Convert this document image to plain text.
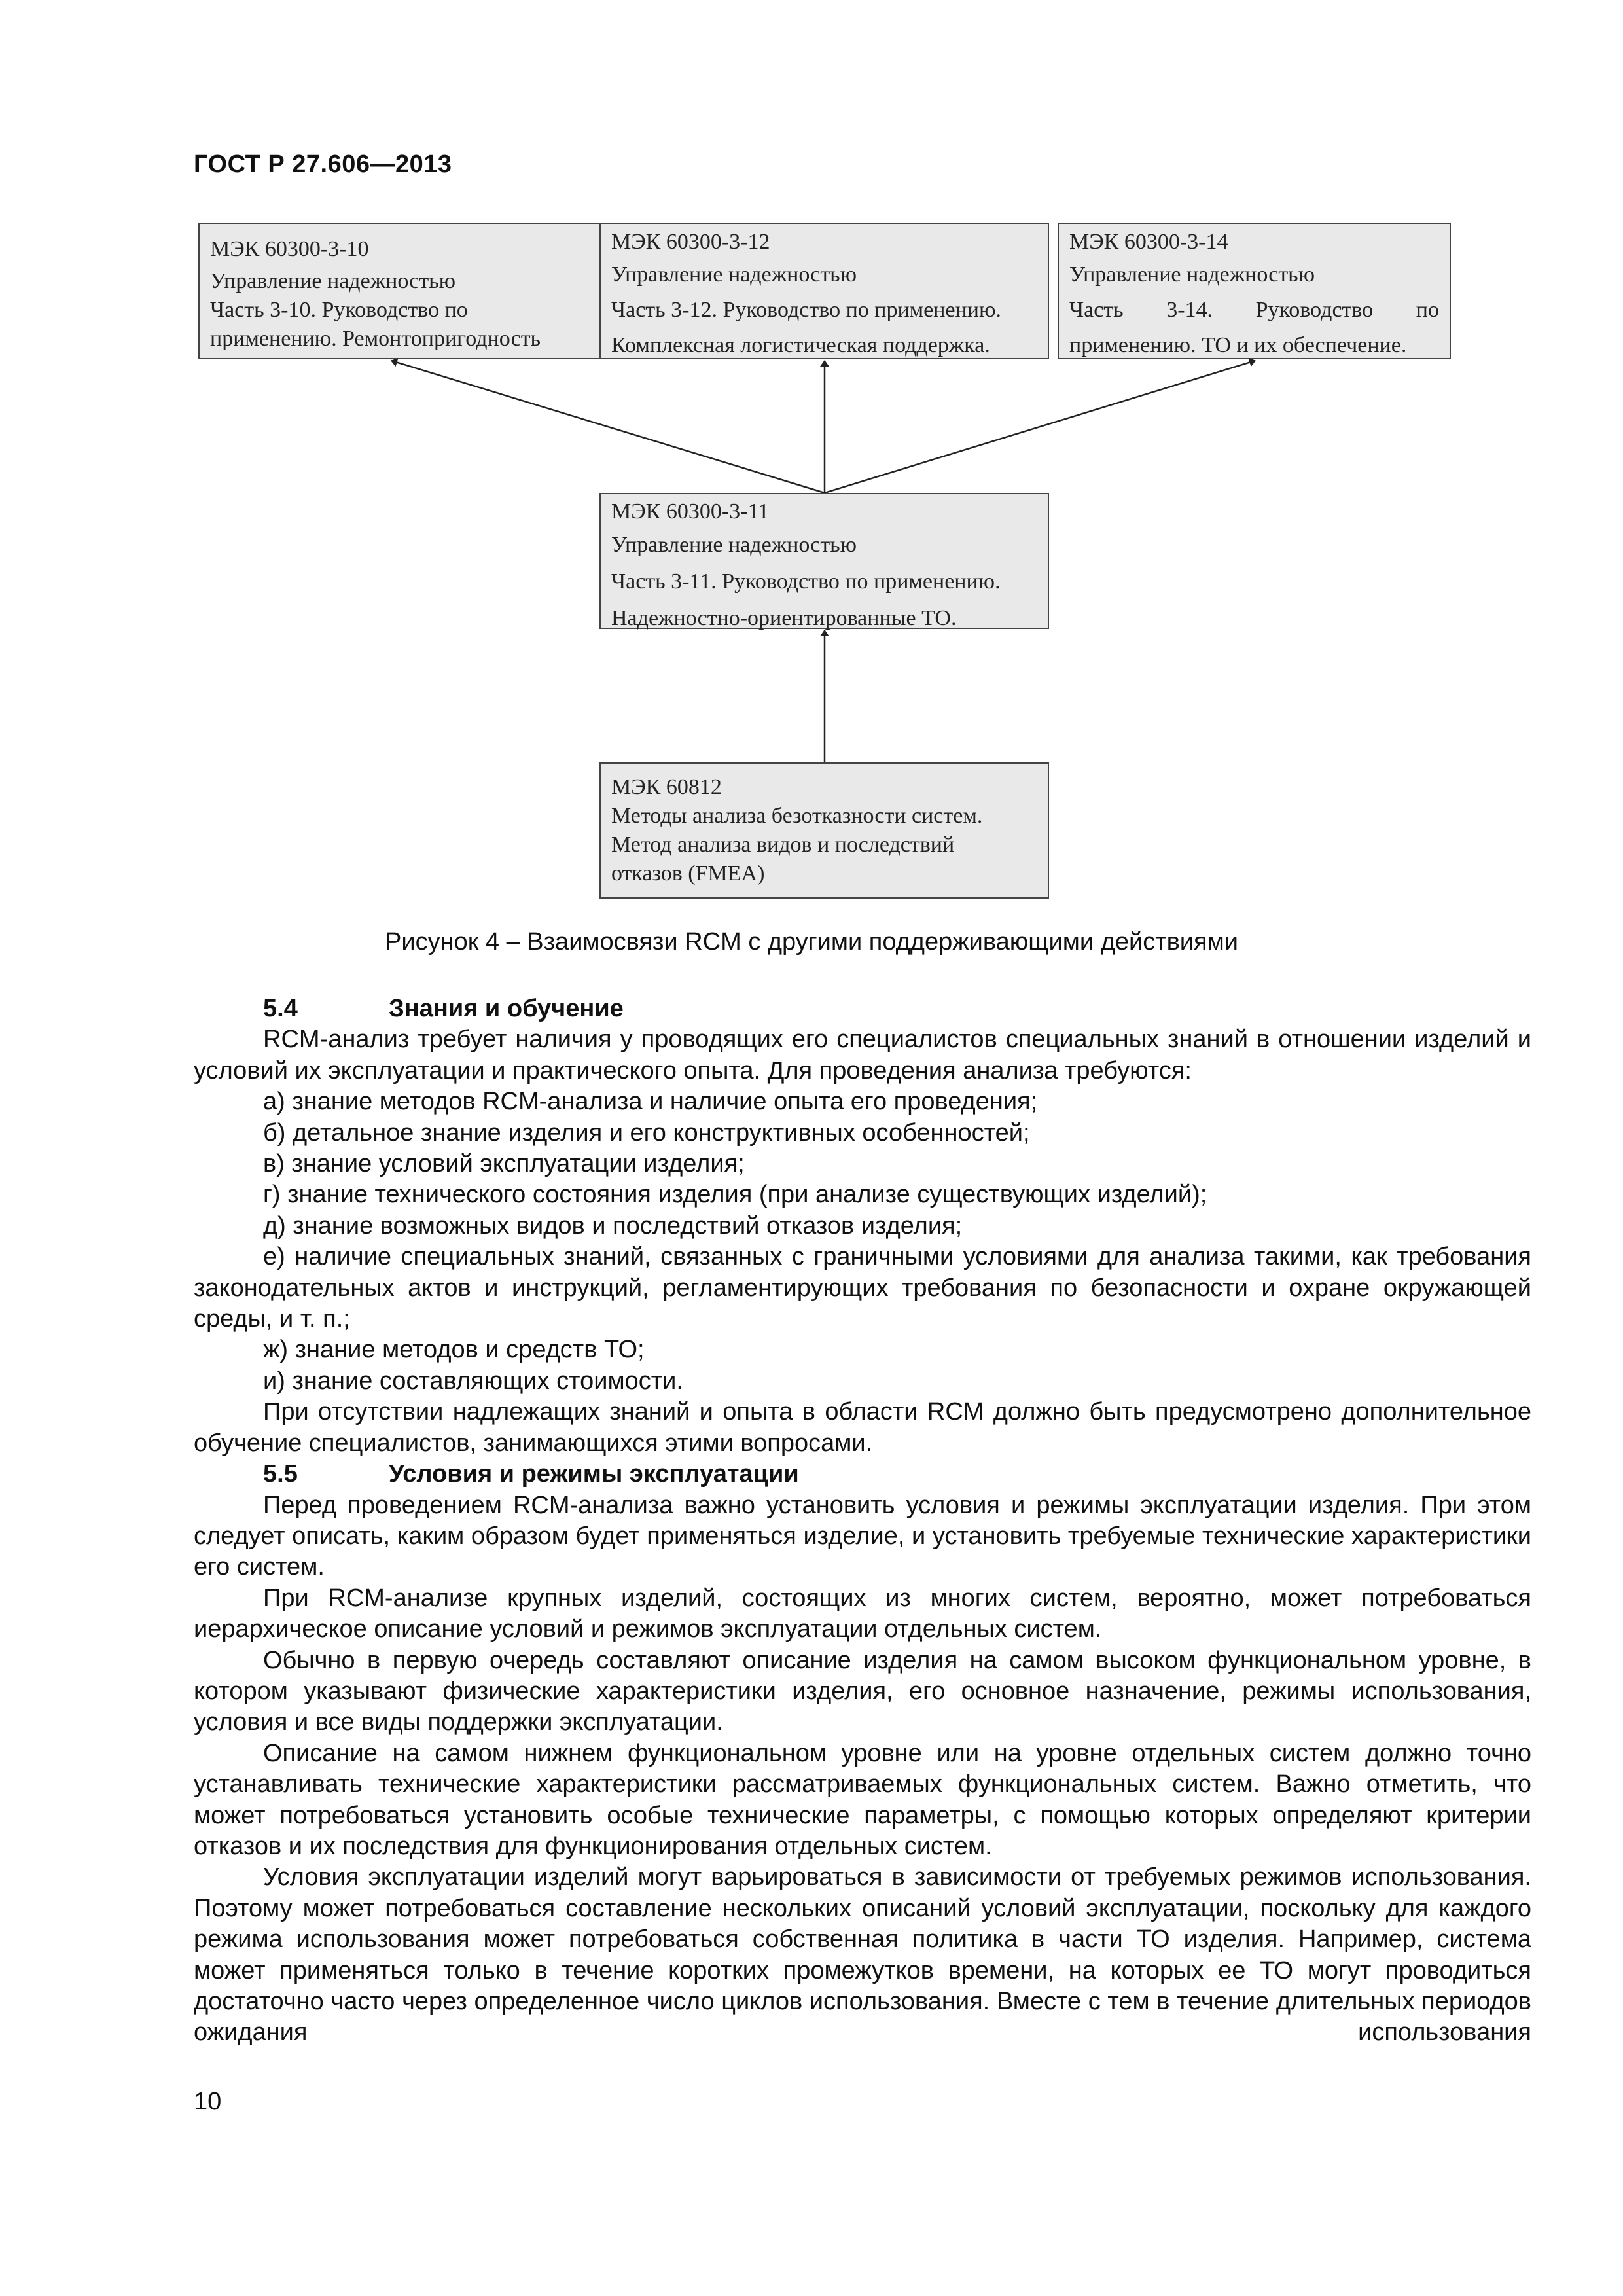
ГОСТ Р 27.606—2013
МЭК 60300-3-10
Управление надежностью
Часть 3-10. Руководство по
применению. Ремонтопригодность
МЭК 60300-3-12
Управление надежностью
Часть 3-12. Руководство по применению.
Комплексная логистическая поддержка.
МЭК 60300-3-14
Управление надежностью
Часть 3-14. Руководство по
применению. ТО и их обеспечение.
МЭК 60300-3-11
Управление надежностью
Часть 3-11. Руководство по применению.
Надежностно-ориентированные ТО.
МЭК 60812
Методы анализа безотказности систем.
Метод анализа видов и последствий
отказов (FMEA)
Рисунок 4 – Взаимосвязи RCM с другими поддерживающими действиями
5.4	Знания и обучение

RCM-анализ требует наличия у проводящих его специалистов специальных знаний в отношении изделий и условий их эксплуатации и практического опыта. Для проведения анализа требуются:

а) знание методов RCM-анализа и наличие опыта его проведения;

б) детальное знание изделия и его конструктивных особенностей;

в) знание условий эксплуатации изделия;

г) знание технического состояния изделия (при анализе существующих изделий);

д) знание возможных видов и последствий отказов изделия;

е) наличие специальных знаний, связанных с граничными условиями для анализа такими, как требования законодательных актов и инструкций, регламентирующих требования по безопасности и охране окружающей среды, и т. п.;

ж) знание методов и средств ТО;

и) знание составляющих стоимости.

При отсутствии надлежащих знаний и опыта в области RCM должно быть предусмотрено дополнительное обучение специалистов, занимающихся этими вопросами.

5.5	Условия и режимы эксплуатации

Перед проведением RCM-анализа важно установить условия и режимы эксплуатации изделия. При этом следует описать, каким образом будет применяться изделие, и установить требуемые технические характеристики его систем.

При RCM-анализе крупных изделий, состоящих из многих систем, вероятно, может потребоваться иерархическое описание условий и режимов эксплуатации отдельных систем.

Обычно в первую очередь составляют описание изделия на самом высоком функциональном уровне, в котором указывают физические характеристики изделия, его основное назначение, режимы использования, условия и все виды поддержки эксплуатации.

Описание на самом нижнем функциональном уровне или на уровне отдельных систем должно точно устанавливать технические характеристики рассматриваемых функциональных систем. Важно отметить, что может потребоваться установить особые технические параметры, с помощью которых определяют критерии отказов и их последствия для функционирования отдельных систем.

Условия эксплуатации изделий могут варьироваться в зависимости от требуемых режимов использования. Поэтому может потребоваться составление нескольких описаний условий эксплуатации, поскольку для каждого режима использования может потребоваться собственная политика в части ТО изделия. Например, система может применяться только в течение коротких промежутков времени, на которых ее ТО могут проводиться достаточно часто через определенное число циклов использования. Вместе с тем в течение длительных периодов ожидания использования

10
